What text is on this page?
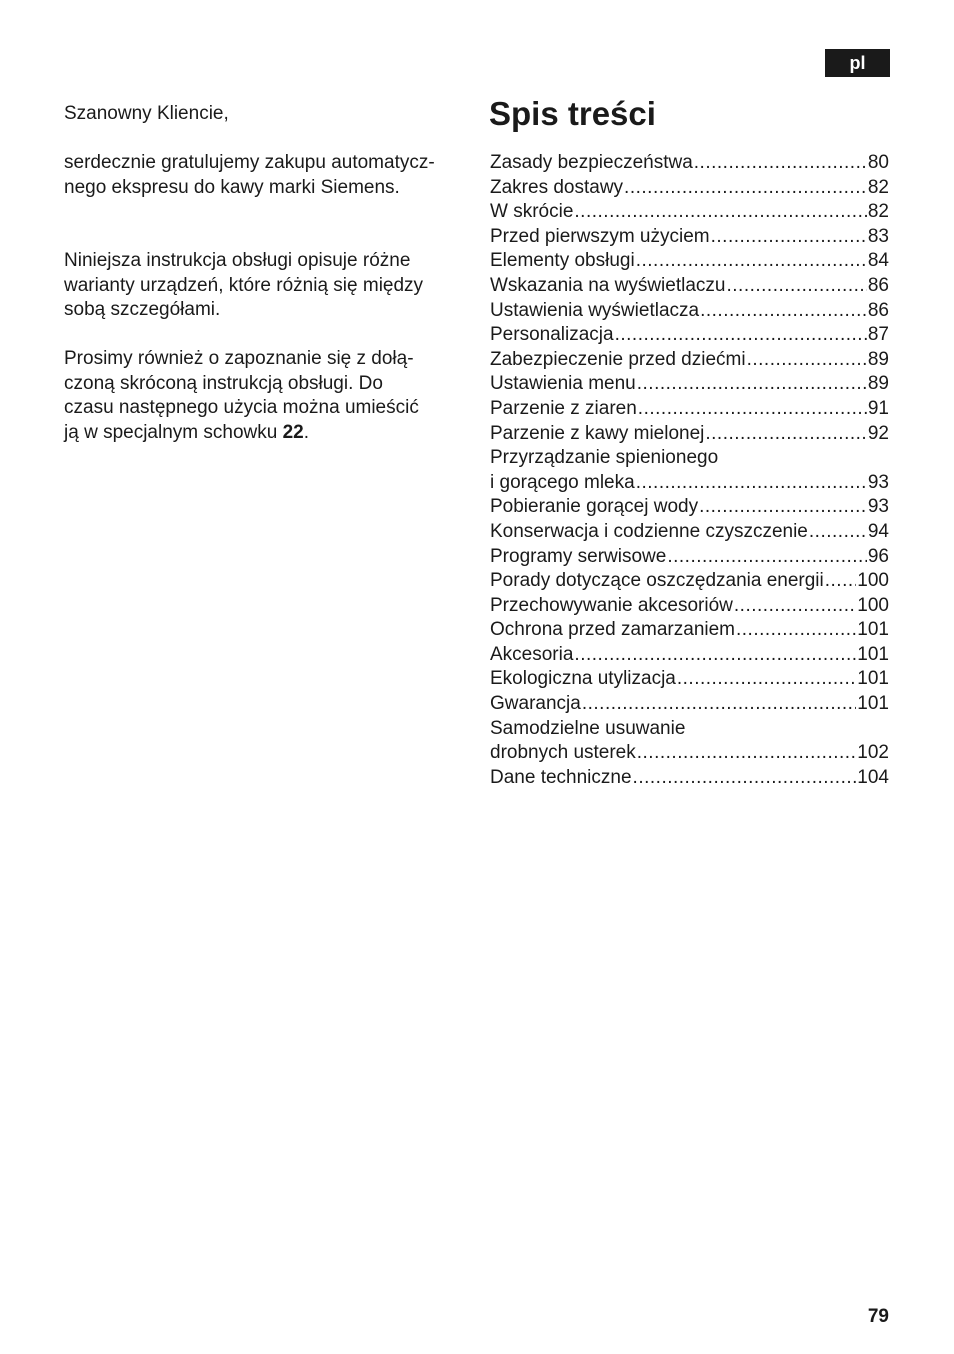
pl

Szanowny Kliencie,

serdecznie gratulujemy zakupu automatycz-
nego ekspresu do kawy marki Siemens.

Niniejsza instrukcja obsługi opisuje różne
warianty urządzeń, które różnią się między
sobą szczegółami.

Prosimy również o zapoznanie się z dołą-
czoną skróconą instrukcją obsługi. Do
czasu następnego użycia można umieścić
ją w specjalnym schowku 22.

Spis treści
Zasady bezpieczeństwa .....	80
Zakres dostawy .....	82
W skrócie .....	82
Przed pierwszym użyciem .....	83
Elementy obsługi .....	84
Wskazania na wyświetlaczu .....	86
Ustawienia wyświetlacza .....	86
Personalizacja .....	87
Zabezpieczenie przed dziećmi .....	89
Ustawienia menu .....	89
Parzenie z ziaren .....	91
Parzenie z kawy mielonej .....	92
Przyrządzanie spienionego
i gorącego mleka .....	93
Pobieranie gorącej wody .....	93
Konserwacja i codzienne czyszczenie .....	94
Programy serwisowe .....	96
Porady dotyczące oszczędzania energii ..... 100
Przechowywanie akcesoriów .....	100
Ochrona przed zamarzaniem .....	101
Akcesoria .....	101
Ekologiczna utylizacja .....	101
Gwarancja .....	101
Samodzielne usuwanie
drobnych usterek .....	102
Dane techniczne .....	104
79
